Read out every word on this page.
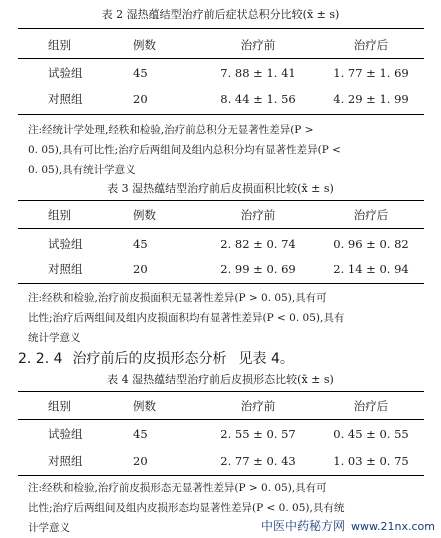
表 2 湿热蕴结型治疗前后症状总积分比较(x̄ ± s)
组别	例数	治疗前	治疗后
试验组	45	7. 88 ± 1. 41	1. 77 ± 1. 69
对照组	20	8. 44 ± 1. 56	4. 29 ± 1. 99
注:经统计学处理,经秩和检验,治疗前总积分无显著性差异(P >
0. 05),具有可比性;治疗后两组间及组内总积分均有显著性差异(P <
0. 05),具有统计学意义
表 3 湿热蕴结型治疗前后皮损面积比较(x̄ ± s)
组别	例数	治疗前	治疗后
试验组	45	2. 82 ± 0. 74	0. 96 ± 0. 82
对照组	20	2. 99 ± 0. 69	2. 14 ± 0. 94
注:经秩和检验,治疗前皮损面积无显著性差异(P > 0. 05),具有可
比性;治疗后两组间及组内皮损面积均有显著性差异(P < 0. 05),具有
统计学意义
2. 2. 4 治疗前后的皮损形态分析 见表 4。
表 4 湿热蕴结型治疗前后皮损形态比较(x̄ ± s)
组别	例数	治疗前	治疗后
试验组	45	2. 55 ± 0. 57	0. 45 ± 0. 55
对照组	20	2. 77 ± 0. 43	1. 03 ± 0. 75
注:经秩和检验,治疗前皮损形态无显著性差异(P > 0. 05),具有可
比性;治疗后两组间及组内皮损形态均显著性差异(P < 0. 05),具有统
计学意义	中医中药秘方网 www.21nx.com
